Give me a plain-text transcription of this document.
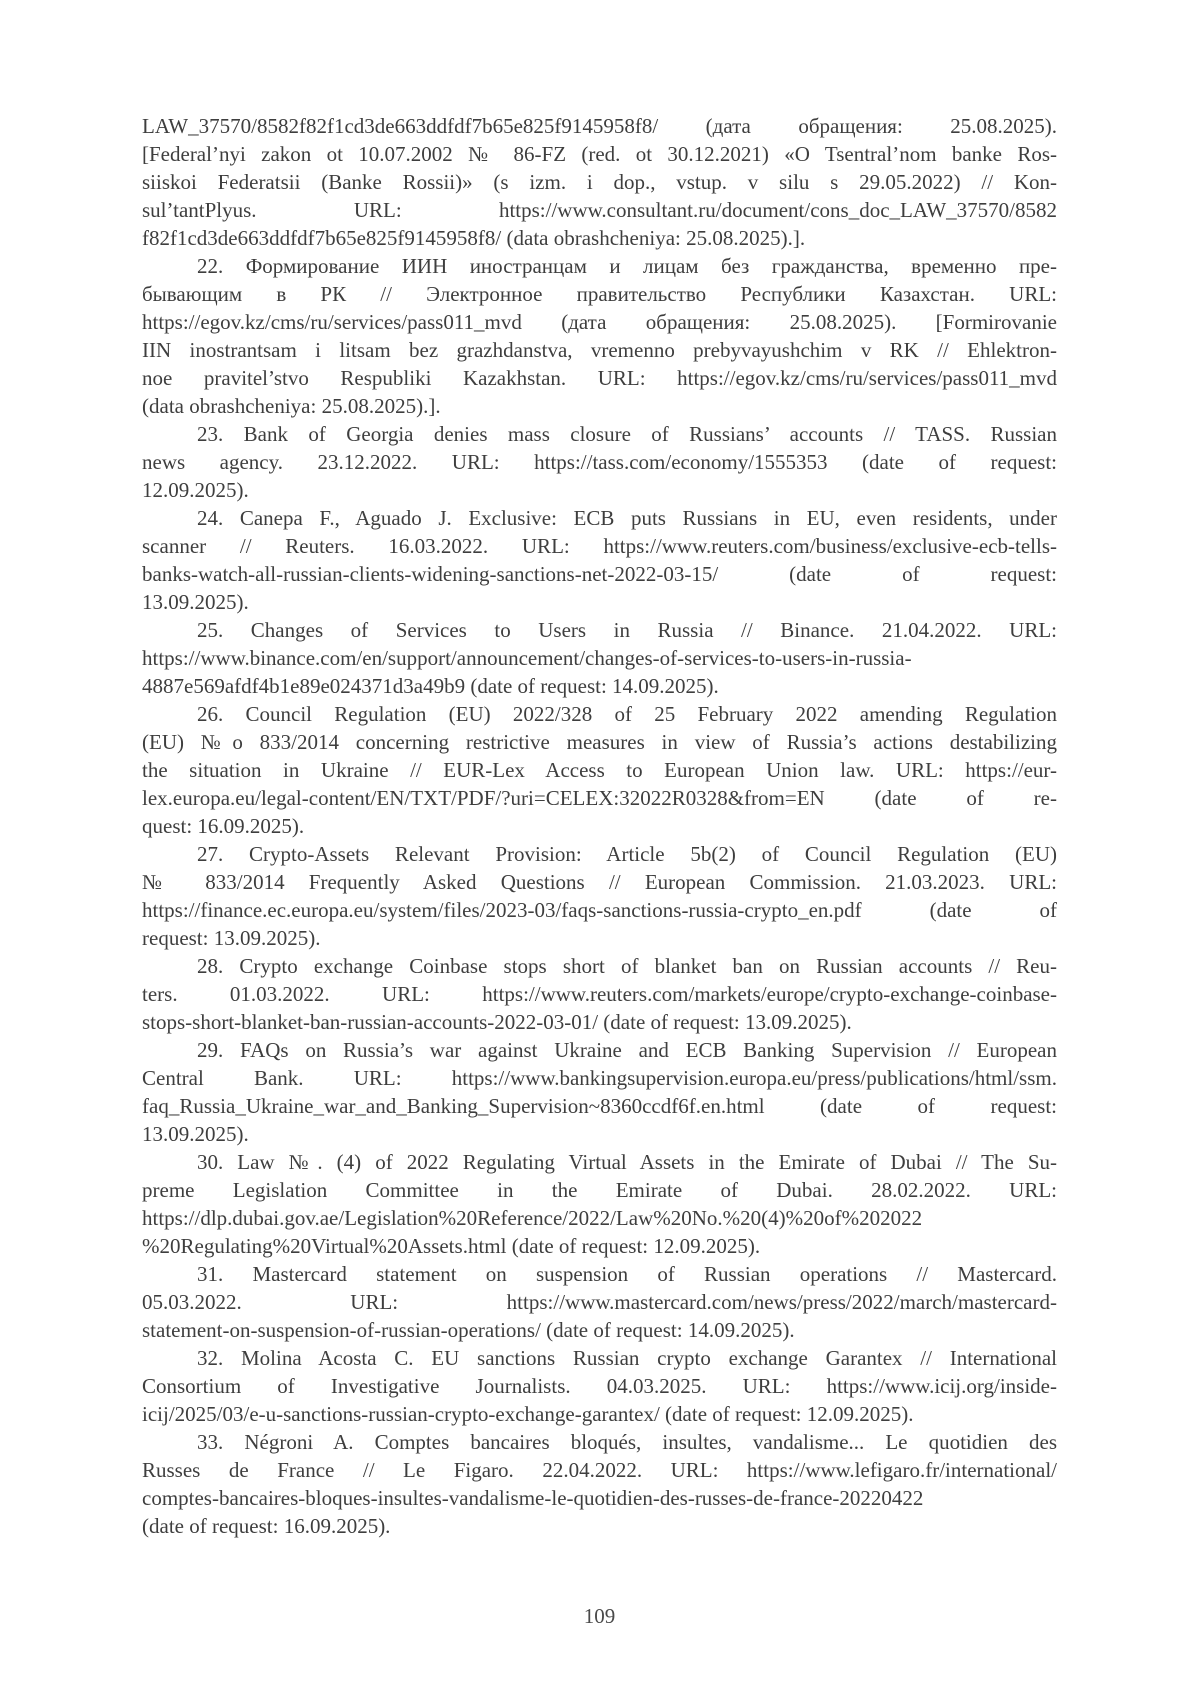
LAW_37570/8582f82f1cd3de663ddfdf7b65e825f9145958f8/ (дата обращения: 25.08.2025).
[Federal’nyi zakon ot 10.07.2002 № 86-FZ (red. ot 30.12.2021) «O Tsentral’nom banke Ros-
siiskoi Federatsii (Banke Rossii)» (s izm. i dop., vstup. v silu s 29.05.2022) // Kon-
sul’tantPlyus. URL: https://www.consultant.ru/document/cons_doc_LAW_37570/8582
f82f1cd3de663ddfdf7b65e825f9145958f8/ (data obrashcheniya: 25.08.2025).].
22. Формирование ИИН иностранцам и лицам без гражданства, временно пре-
бывающим в РК // Электронное правительство Республики Казахстан. URL:
https://egov.kz/cms/ru/services/pass011_mvd (дата обращения: 25.08.2025). [Formirovanie
IIN inostrantsam i litsam bez grazhdanstva, vremenno prebyvayushchim v RK // Ehlektron-
noe pravitel’stvo Respubliki Kazakhstan. URL: https://egov.kz/cms/ru/services/pass011_mvd
(data obrashcheniya: 25.08.2025).].
23. Bank of Georgia denies mass closure of Russians’ accounts // TASS. Russian
news agency. 23.12.2022. URL: https://tass.com/economy/1555353 (date of request:
12.09.2025).
24. Canepa F., Aguado J. Exclusive: ECB puts Russians in EU, even residents, under
scanner // Reuters. 16.03.2022. URL: https://www.reuters.com/business/exclusive-ecb-tells-
banks-watch-all-russian-clients-widening-sanctions-net-2022-03-15/ (date of request:
13.09.2025).
25. Changes of Services to Users in Russia // Binance. 21.04.2022. URL:
https://www.binance.com/en/support/announcement/changes-of-services-to-users-in-russia-
4887e569afdf4b1e89e024371d3a49b9 (date of request: 14.09.2025).
26. Council Regulation (EU) 2022/328 of 25 February 2022 amending Regulation
(EU) №o 833/2014 concerning restrictive measures in view of Russia’s actions destabilizing
the situation in Ukraine // EUR-Lex Access to European Union law. URL: https://eur-
lex.europa.eu/legal-content/EN/TXT/PDF/?uri=CELEX:32022R0328&from=EN (date of re-
quest: 16.09.2025).
27. Crypto-Assets Relevant Provision: Article 5b(2) of Council Regulation (EU)
№ 833/2014 Frequently Asked Questions // European Commission. 21.03.2023. URL:
https://finance.ec.europa.eu/system/files/2023-03/faqs-sanctions-russia-crypto_en.pdf (date of
request: 13.09.2025).
28. Crypto exchange Coinbase stops short of blanket ban on Russian accounts // Reu-
ters. 01.03.2022. URL: https://www.reuters.com/markets/europe/crypto-exchange-coinbase-
stops-short-blanket-ban-russian-accounts-2022-03-01/ (date of request: 13.09.2025).
29. FAQs on Russia’s war against Ukraine and ECB Banking Supervision // European
Central Bank. URL: https://www.bankingsupervision.europa.eu/press/publications/html/ssm.
faq_Russia_Ukraine_war_and_Banking_Supervision~8360ccdf6f.en.html (date of request:
13.09.2025).
30. Law №. (4) of 2022 Regulating Virtual Assets in the Emirate of Dubai // The Su-
preme Legislation Committee in the Emirate of Dubai. 28.02.2022. URL:
https://dlp.dubai.gov.ae/Legislation%20Reference/2022/Law%20No.%20(4)%20of%202022
%20Regulating%20Virtual%20Assets.html (date of request: 12.09.2025).
31. Mastercard statement on suspension of Russian operations // Mastercard.
05.03.2022. URL: https://www.mastercard.com/news/press/2022/march/mastercard-
statement-on-suspension-of-russian-operations/ (date of request: 14.09.2025).
32. Molina Acosta C. EU sanctions Russian crypto exchange Garantex // International
Consortium of Investigative Journalists. 04.03.2025. URL: https://www.icij.org/inside-
icij/2025/03/e-u-sanctions-russian-crypto-exchange-garantex/ (date of request: 12.09.2025).
33. Négroni A. Comptes bancaires bloqués, insultes, vandalisme... Le quotidien des
Russes de France // Le Figaro. 22.04.2022. URL: https://www.lefigaro.fr/international/
comptes-bancaires-bloques-insultes-vandalisme-le-quotidien-des-russes-de-france-20220422
(date of request: 16.09.2025).
109
